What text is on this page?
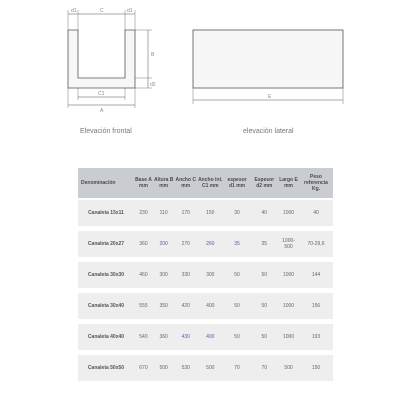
d1	C	d1
B
C1
A
d2
E
Elevación frontal	elevación lateral
Denominación	Base A mm	Altura B mm	Ancho C mm	Ancho int. C1 mm	espesor d1 mm	Espesor d2 mm	Largo E mm	Peso referencia Kg.
Canaleta 15x11	230	110	170	150	30	40	1000	40
Canaleta 20x27	360	200	270	260	35	35	1000-500	70-29,6
Canaleta 30x30	460	300	330	300	50	50	1000	144
Canaleta 30x40	555	350	420	400	50	50	1000	156
Canaleta 40x40	540	360	430	400	50	50	1000	193
Canaleta 50x50	670	500	530	500	70	70	500	150
